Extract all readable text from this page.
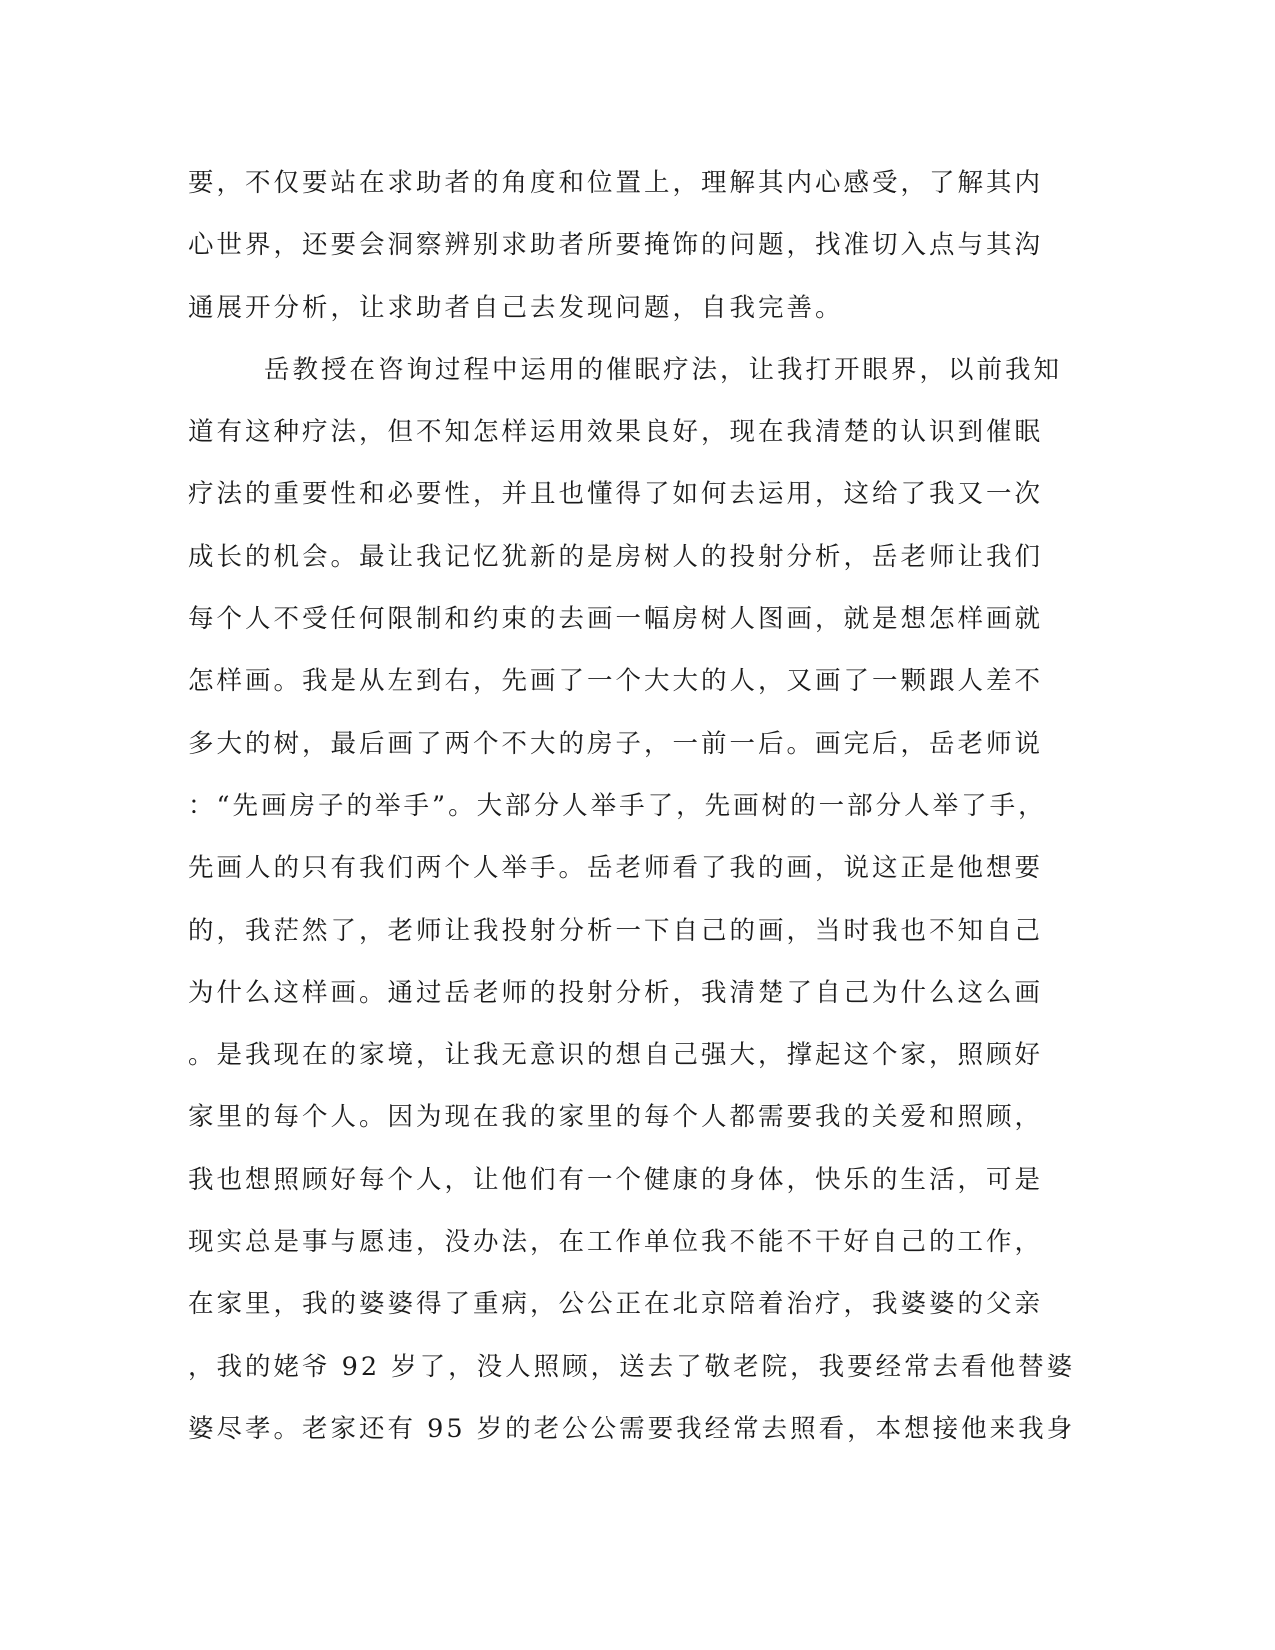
要，不仅要站在求助者的角度和位置上，理解其内心感受，了解其内
心世界，还要会洞察辨别求助者所要掩饰的问题，找准切入点与其沟
通展开分析，让求助者自己去发现问题，自我完善。
岳教授在咨询过程中运用的催眠疗法，让我打开眼界，以前我知
道有这种疗法，但不知怎样运用效果良好，现在我清楚的认识到催眠
疗法的重要性和必要性，并且也懂得了如何去运用，这给了我又一次
成长的机会。最让我记忆犹新的是房树人的投射分析，岳老师让我们
每个人不受任何限制和约束的去画一幅房树人图画，就是想怎样画就
怎样画。我是从左到右，先画了一个大大的人，又画了一颗跟人差不
多大的树，最后画了两个不大的房子，一前一后。画完后，岳老师说
：“先画房子的举手”。大部分人举手了，先画树的一部分人举了手，
先画人的只有我们两个人举手。岳老师看了我的画，说这正是他想要
的，我茫然了，老师让我投射分析一下自己的画，当时我也不知自己
为什么这样画。通过岳老师的投射分析，我清楚了自己为什么这么画
。是我现在的家境，让我无意识的想自己强大，撑起这个家，照顾好
家里的每个人。因为现在我的家里的每个人都需要我的关爱和照顾，
我也想照顾好每个人，让他们有一个健康的身体，快乐的生活，可是
现实总是事与愿违，没办法，在工作单位我不能不干好自己的工作，
在家里，我的婆婆得了重病，公公正在北京陪着治疗，我婆婆的父亲
，我的姥爷 92 岁了，没人照顾，送去了敬老院，我要经常去看他替婆
婆尽孝。老家还有 95 岁的老公公需要我经常去照看，本想接他来我身
